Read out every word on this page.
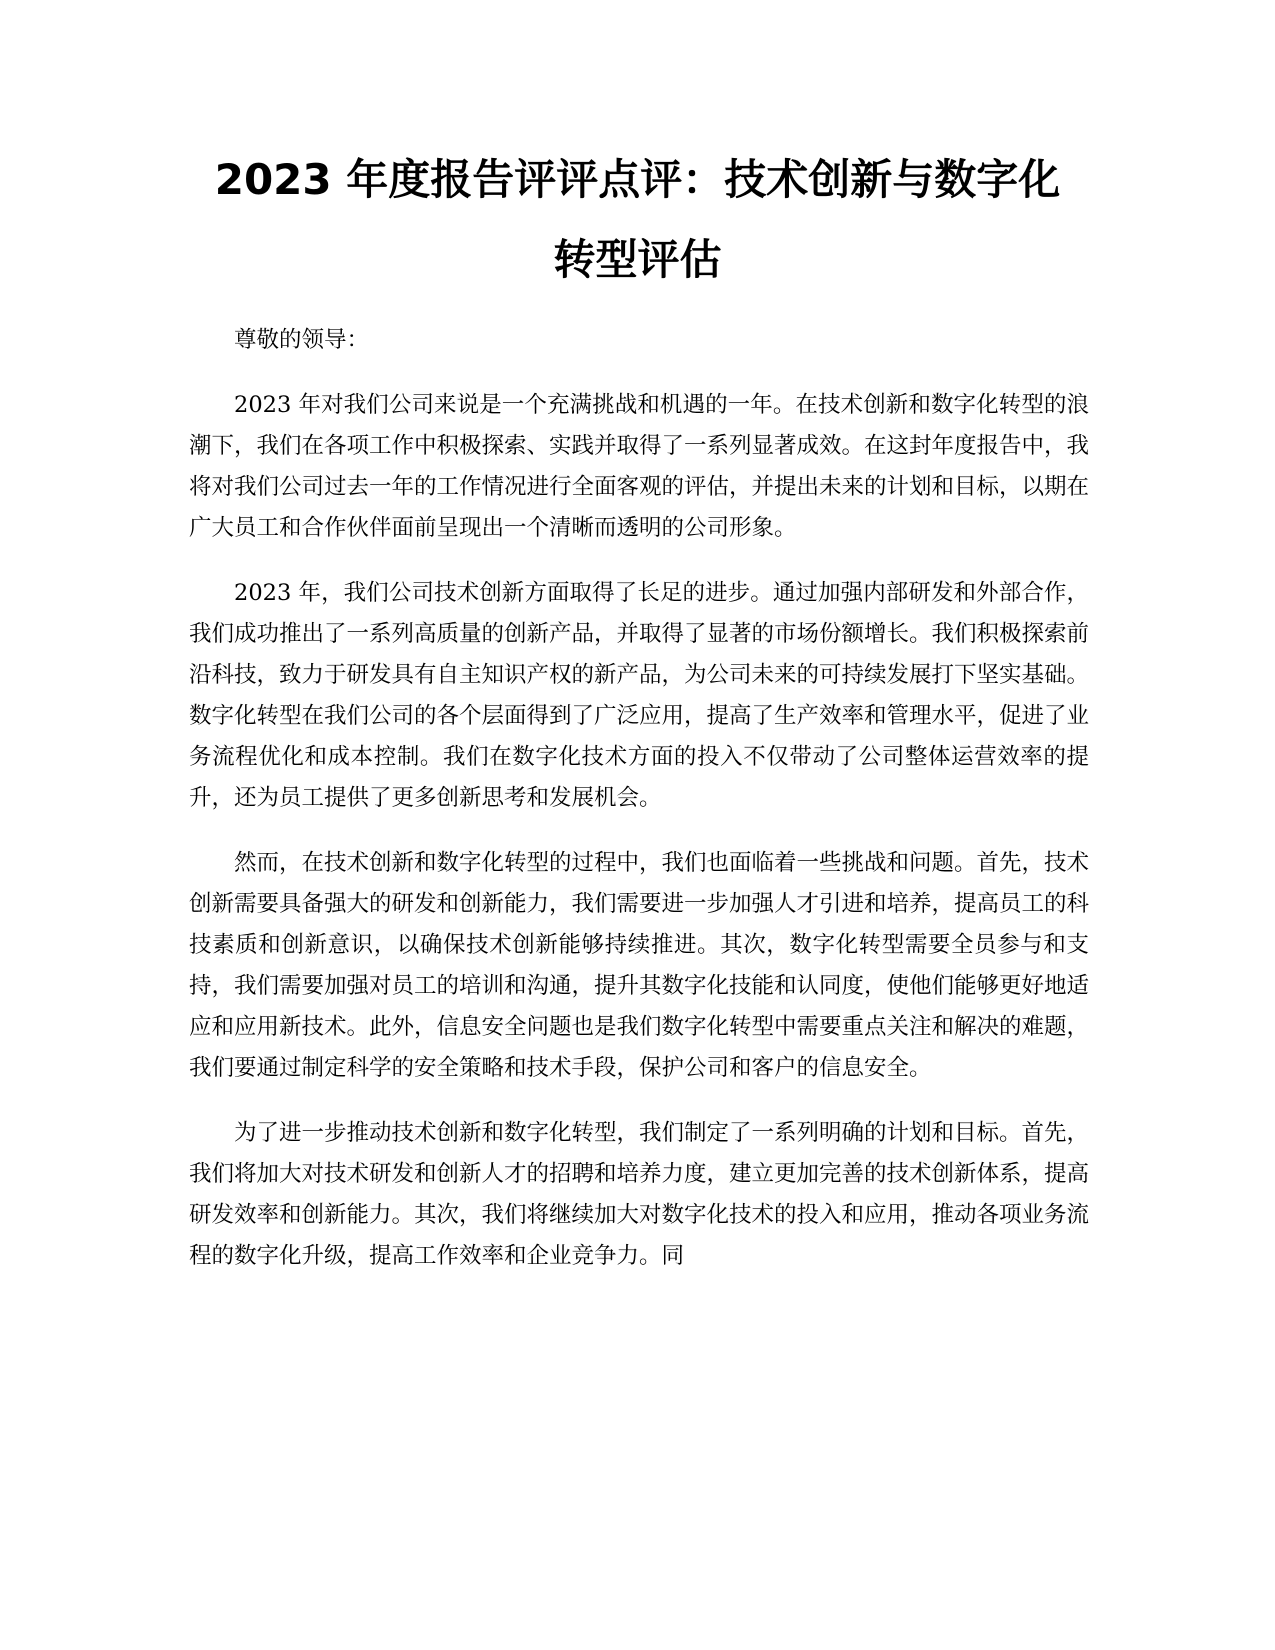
2023 年度报告评评点评：技术创新与数字化
转型评估

尊敬的领导：

2023 年对我们公司来说是一个充满挑战和机遇的一年。在技术创新和数字化转型的浪潮下，我们在各项工作中积极探索、实践并取得了一系列显著成效。在这封年度报告中，我将对我们公司过去一年的工作情况进行全面客观的评估，并提出未来的计划和目标，以期在广大员工和合作伙伴面前呈现出一个清晰而透明的公司形象。

2023 年，我们公司技术创新方面取得了长足的进步。通过加强内部研发和外部合作，我们成功推出了一系列高质量的创新产品，并取得了显著的市场份额增长。我们积极探索前沿科技，致力于研发具有自主知识产权的新产品，为公司未来的可持续发展打下坚实基础。数字化转型在我们公司的各个层面得到了广泛应用，提高了生产效率和管理水平，促进了业务流程优化和成本控制。我们在数字化技术方面的投入不仅带动了公司整体运营效率的提升，还为员工提供了更多创新思考和发展机会。

然而，在技术创新和数字化转型的过程中，我们也面临着一些挑战和问题。首先，技术创新需要具备强大的研发和创新能力，我们需要进一步加强人才引进和培养，提高员工的科技素质和创新意识，以确保技术创新能够持续推进。其次，数字化转型需要全员参与和支持，我们需要加强对员工的培训和沟通，提升其数字化技能和认同度，使他们能够更好地适应和应用新技术。此外，信息安全问题也是我们数字化转型中需要重点关注和解决的难题，我们要通过制定科学的安全策略和技术手段，保护公司和客户的信息安全。

为了进一步推动技术创新和数字化转型，我们制定了一系列明确的计划和目标。首先，我们将加大对技术研发和创新人才的招聘和培养力度，建立更加完善的技术创新体系，提高研发效率和创新能力。其次，我们将继续加大对数字化技术的投入和应用，推动各项业务流程的数字化升级，提高工作效率和企业竞争力。同
